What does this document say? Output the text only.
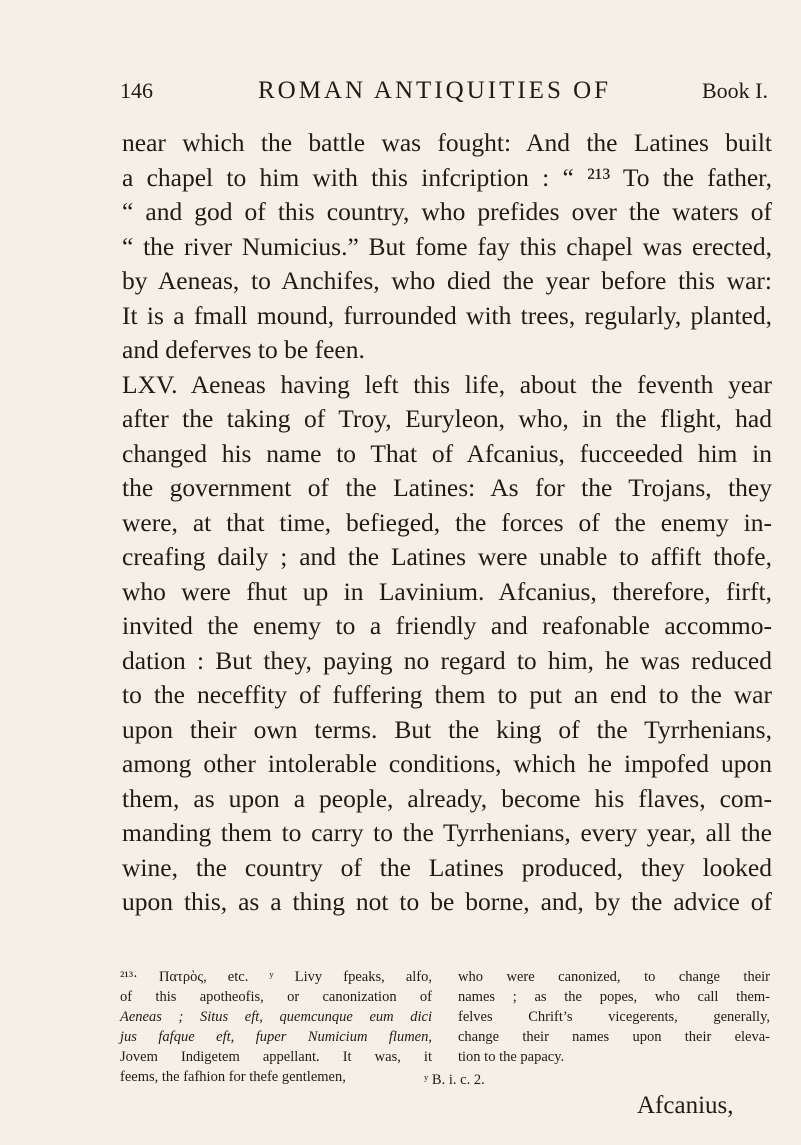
146	ROMAN ANTIQUITIES OF	Book I.
near which the battle was fought: And the Latines built
a chapel to him with this infcription : “ ²¹³ To the father,
“ and god of this country, who prefides over the waters of
“ the river Numicius.” But fome fay this chapel was erected,
by Aeneas, to Anchifes, who died the year before this war:
It is a fmall mound, furrounded with trees, regularly, planted,
and deferves to be feen.
LXV. Aeneas having left this life, about the feventh year
after the taking of Troy, Euryleon, who, in the flight, had
changed his name to That of Afcanius, fucceeded him in
the government of the Latines: As for the Trojans, they
were, at that time, befieged, the forces of the enemy in-
creafing daily ; and the Latines were unable to affift thofe,
who were fhut up in Lavinium. Afcanius, therefore, firft,
invited the enemy to a friendly and reafonable accommo-
dation : But they, paying no regard to him, he was reduced
to the neceffity of fuffering them to put an end to the war
upon their own terms. But the king of the Tyrrhenians,
among other intolerable conditions, which he impofed upon
them, as upon a people, already, become his flaves, com-
manding them to carry to the Tyrrhenians, every year, all the
wine, the country of the Latines produced, they looked
upon this, as a thing not to be borne, and, by the advice of
²¹³· Πατρὸς, etc. ʸ Livy fpeaks, alfo,
of this apotheofis, or canonization of
Aeneas ; Situs eft, quemcunque eum dici
jus fafque eft, fuper Numicium flumen,
Jovem Indigetem appellant. It was, it
feems, the fafhion for thefe gentlemen,
who were canonized, to change their
names ; as the popes, who call them-
felves Chrift’s vicegerents, generally,
change their names upon their eleva-
tion to the papacy.
ʸ B. i. c. 2.
Afcanius,
